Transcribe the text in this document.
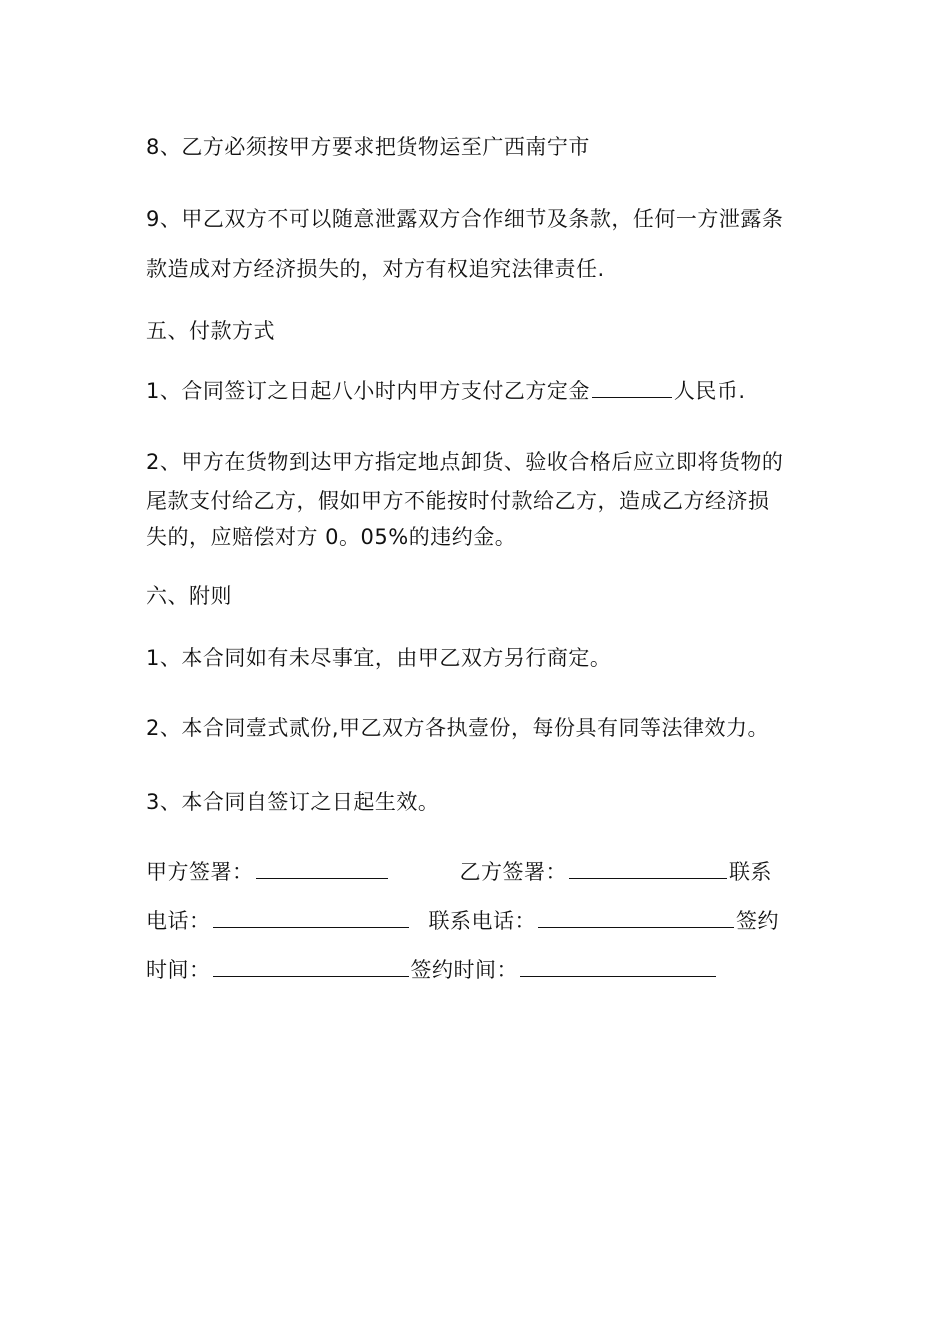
8、乙方必须按甲方要求把货物运至广西南宁市
9、甲乙双方不可以随意泄露双方合作细节及条款，任何一方泄露条
款造成对方经济损失的，对方有权追究法律责任.
五、付款方式
1、合同签订之日起八小时内甲方支付乙方定金	人民币.
2、甲方在货物到达甲方指定地点卸货、验收合格后应立即将货物的
尾款支付给乙方，假如甲方不能按时付款给乙方，造成乙方经济损
失的，应赔偿对方 0。05%的违约金。
六、附则
1、本合同如有未尽事宜，由甲乙双方另行商定。
2、本合同壹式贰份,甲乙双方各执壹份，每份具有同等法律效力。
3、本合同自签订之日起生效。
甲方签署：	乙方签署：	联系
电话：	联系电话：	签约
时间：	签约时间：
